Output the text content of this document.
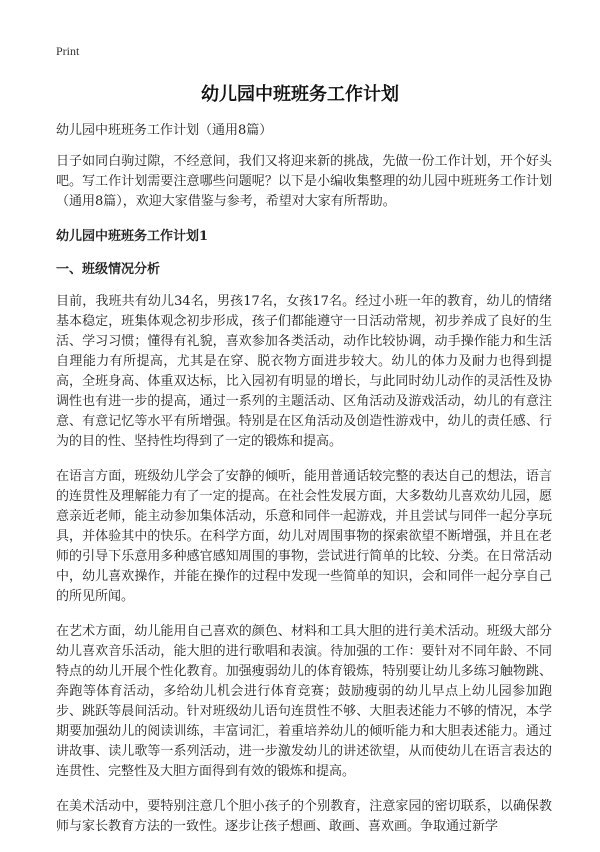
Print
幼儿园中班班务工作计划

幼儿园中班班务工作计划（通用8篇）

日子如同白驹过隙，不经意间，我们又将迎来新的挑战，先做一份工作计划，开个好头吧。写工作计划需要注意哪些问题呢？以下是小编收集整理的幼儿园中班班务工作计划（通用8篇），欢迎大家借鉴与参考，希望对大家有所帮助。

幼儿园中班班务工作计划1

一、班级情况分析

目前，我班共有幼儿34名，男孩17名，女孩17名。经过小班一年的教育，幼儿的情绪基本稳定，班集体观念初步形成，孩子们都能遵守一日活动常规，初步养成了良好的生活、学习习惯；懂得有礼貌，喜欢参加各类活动，动作比较协调，动手操作能力和生活自理能力有所提高，尤其是在穿、脱衣物方面进步较大。幼儿的体力及耐力也得到提高，全班身高、体重双达标，比入园初有明显的增长，与此同时幼儿动作的灵活性及协调性也有进一步的提高，通过一系列的主题活动、区角活动及游戏活动，幼儿的有意注意、有意记忆等水平有所增强。特别是在区角活动及创造性游戏中，幼儿的责任感、行为的目的性、坚持性均得到了一定的锻炼和提高。

在语言方面，班级幼儿学会了安静的倾听，能用普通话较完整的表达自己的想法，语言的连贯性及理解能力有了一定的提高。在社会性发展方面，大多数幼儿喜欢幼儿园，愿意亲近老师，能主动参加集体活动，乐意和同伴一起游戏，并且尝试与同伴一起分享玩具，并体验其中的快乐。在科学方面，幼儿对周围事物的探索欲望不断增强，并且在老师的引导下乐意用多种感官感知周围的事物，尝试进行简单的比较、分类。在日常活动中，幼儿喜欢操作，并能在操作的过程中发现一些简单的知识，会和同伴一起分享自己的所见所闻。

在艺术方面，幼儿能用自己喜欢的颜色、材料和工具大胆的进行美术活动。班级大部分幼儿喜欢音乐活动，能大胆的进行歌唱和表演。待加强的工作：要针对不同年龄、不同特点的幼儿开展个性化教育。加强瘦弱幼儿的体育锻炼，特别要让幼儿多练习触物跳、奔跑等体育活动，多给幼儿机会进行体育竞赛；鼓励瘦弱的幼儿早点上幼儿园参加跑步、跳跃等晨间活动。针对班级幼儿语句连贯性不够、大胆表述能力不够的情况，本学期要加强幼儿的阅读训练，丰富词汇，着重培养幼儿的倾听能力和大胆表述能力。通过讲故事、读儿歌等一系列活动，进一步激发幼儿的讲述欲望，从而使幼儿在语言表达的连贯性、完整性及大胆方面得到有效的锻炼和提高。

在美术活动中，要特别注意几个胆小孩子的个别教育，注意家园的密切联系，以确保教师与家长教育方法的一致性。逐步让孩子想画、敢画、喜欢画。争取通过新学
